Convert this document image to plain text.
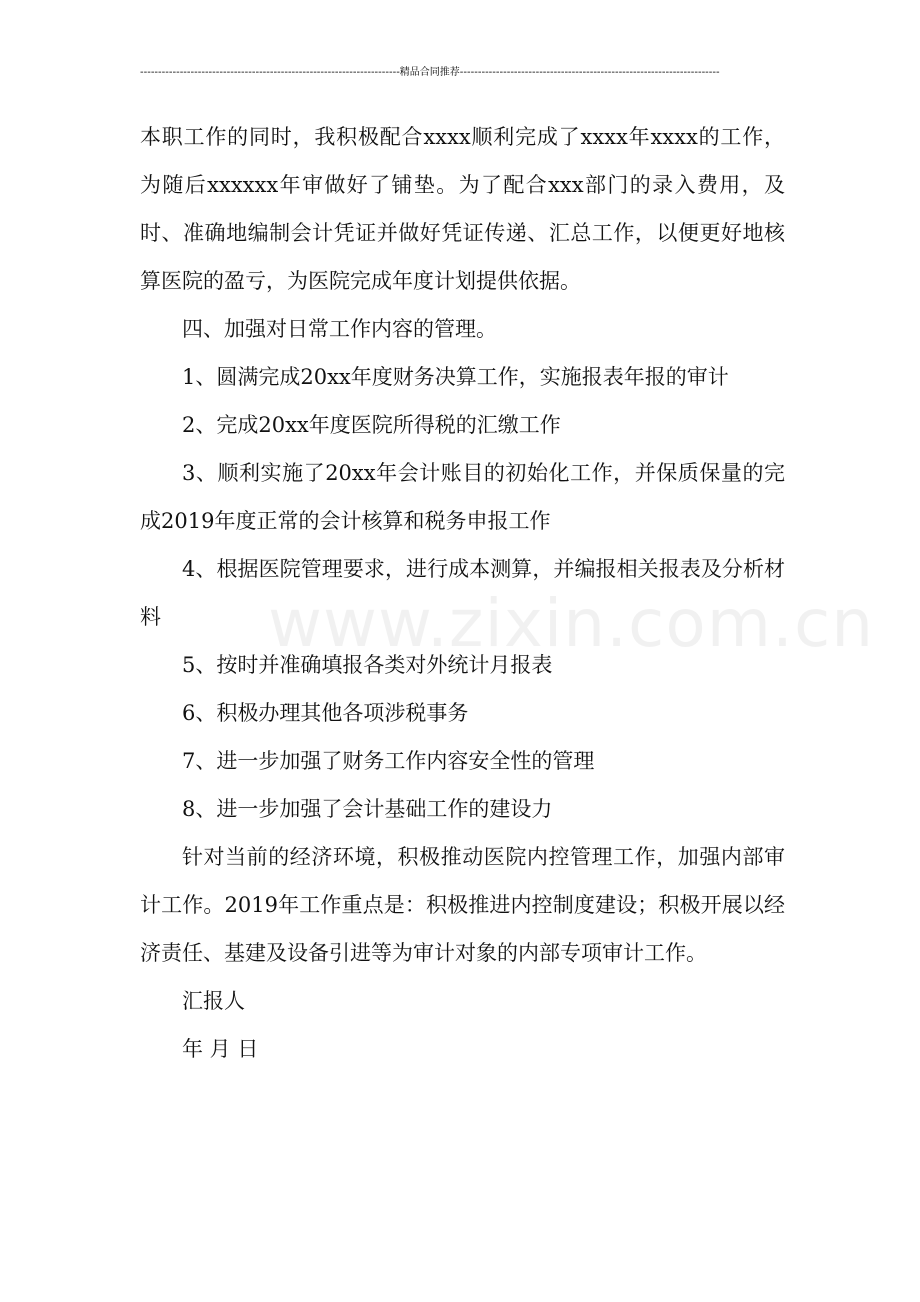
------------------------------------------------------------------------精品合同推荐------------------------------------------------------------------------
www.zixin.com.cn

本职工作的同时，我积极配合xxxx顺利完成了xxxx年xxxx的工作，为随后xxxxxx年审做好了铺垫。为了配合xxx部门的录入费用，及时、准确地编制会计凭证并做好凭证传递、汇总工作，以便更好地核算医院的盈亏，为医院完成年度计划提供依据。

四、加强对日常工作内容的管理。

1、圆满完成20xx年度财务决算工作，实施报表年报的审计

2、完成20xx年度医院所得税的汇缴工作

3、顺利实施了20xx年会计账目的初始化工作，并保质保量的完成2019年度正常的会计核算和税务申报工作

4、根据医院管理要求，进行成本测算，并编报相关报表及分析材料

5、按时并准确填报各类对外统计月报表

6、积极办理其他各项涉税事务

7、进一步加强了财务工作内容安全性的管理

8、进一步加强了会计基础工作的建设力

针对当前的经济环境，积极推动医院内控管理工作，加强内部审计工作。2019年工作重点是：积极推进内控制度建设；积极开展以经济责任、基建及设备引进等为审计对象的内部专项审计工作。

汇报人

年 月 日
